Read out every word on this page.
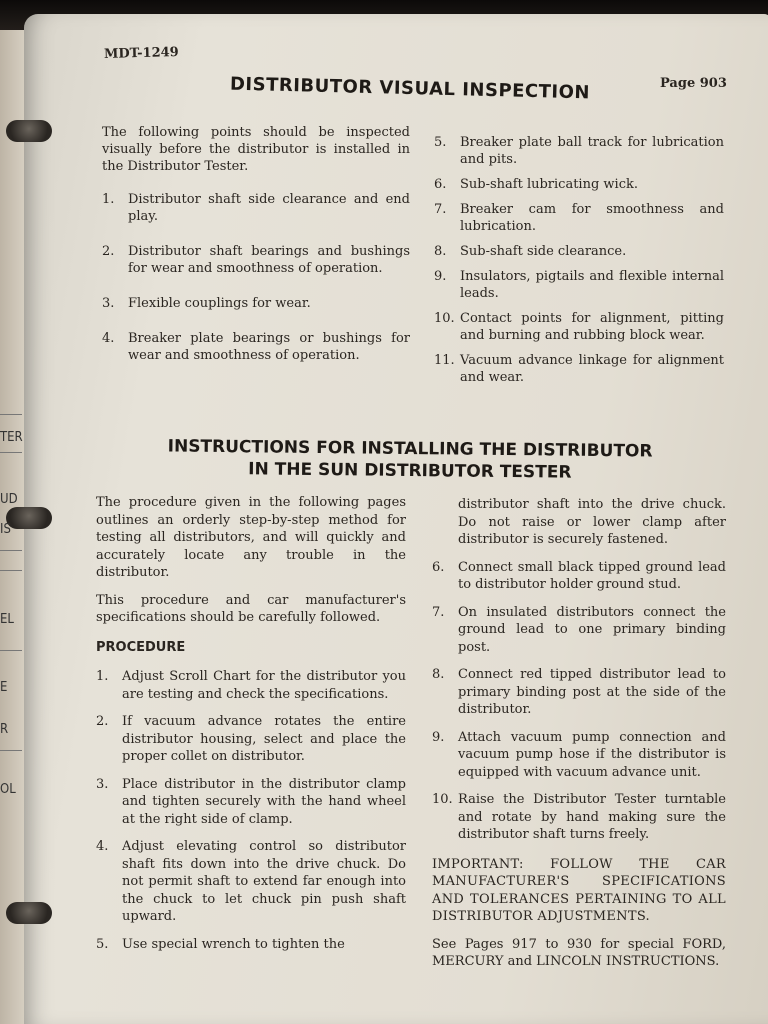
TER
UD
IS
EL
E
R
OL
MDT-1249
Page 903
DISTRIBUTOR VISUAL INSPECTION

The following points should be inspected visually before the distributor is installed in the Distributor Tester.

1.	Distributor shaft side clearance and end play.
2.	Distributor shaft bearings and bushings for wear and smoothness of operation.
3.	Flexible couplings for wear.
4.	Breaker plate bearings or bushings for wear and smoothness of operation.
5.	Breaker plate ball track for lubrication and pits.
6.	Sub-shaft lubricating wick.
7.	Breaker cam for smoothness and lubrication.
8.	Sub-shaft side clearance.
9.	Insulators, pigtails and flexible internal leads.
10. Contact points for alignment, pitting and burning and rubbing block wear.
11. Vacuum advance linkage for alignment and wear.
INSTRUCTIONS FOR INSTALLING THE DISTRIBUTOR
IN THE SUN DISTRIBUTOR TESTER

The procedure given in the following pages outlines an orderly step-by-step method for testing all distributors, and will quickly and accurately locate any trouble in the distributor.

This procedure and car manufacturer's specifications should be carefully followed.

PROCEDURE
1.	Adjust Scroll Chart for the distributor you are testing and check the specifications.
2.	If vacuum advance rotates the entire distributor housing, select and place the proper collet on distributor.
3.	Place distributor in the distributor clamp and tighten securely with the hand wheel at the right side of clamp.
4.	Adjust elevating control so distributor shaft fits down into the drive chuck. Do not permit shaft to extend far enough into the chuck to let chuck pin push shaft upward.
5.	Use special wrench to tighten the
distributor shaft into the drive chuck. Do not raise or lower clamp after distributor is securely fastened.
6.	Connect small black tipped ground lead to distributor holder ground stud.
7.	On insulated distributors connect the ground lead to one primary binding post.
8.	Connect red tipped distributor lead to primary binding post at the side of the distributor.
9.	Attach vacuum pump connection and vacuum pump hose if the distributor is equipped with vacuum advance unit.
10. Raise the Distributor Tester turntable and rotate by hand making sure the distributor shaft turns freely.

IMPORTANT: FOLLOW THE CAR MANUFACTURER'S SPECIFICATIONS AND TOLERANCES PERTAINING TO ALL DISTRIBUTOR ADJUSTMENTS.

See Pages 917 to 930 for special FORD, MERCURY and LINCOLN INSTRUCTIONS.
